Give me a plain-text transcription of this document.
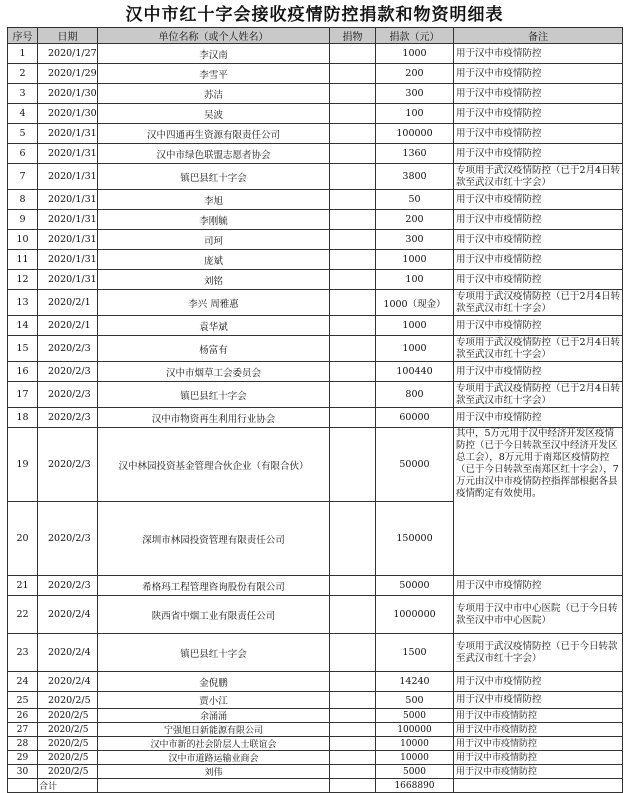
汉中市红十字会接收疫情防控捐款和物资明细表
序号	日期	单位名称（或个人姓名）	捐物	捐款（元）	备注
1	2020/1/27	李汉南		1000	用于汉中市疫情防控
2	2020/1/29	李雪平		200	用于汉中市疫情防控
3	2020/1/30	苏洁		300	用于汉中市疫情防控
4	2020/1/30	吴波		100	用于汉中市疫情防控
5	2020/1/31	汉中四通再生资源有限责任公司		100000	用于汉中市疫情防控
6	2020/1/31	汉中市绿色联盟志愿者协会		1360	用于汉中市疫情防控
7	2020/1/31	镇巴县红十字会		3800	专项用于武汉疫情防控（已于2月4日转款至武汉市红十字会）
8	2020/1/31	李旭		50	用于汉中市疫情防控
9	2020/1/31	李刚毓		200	用于汉中市疫情防控
10	2020/1/31	司珂		300	用于汉中市疫情防控
11	2020/1/31	庞斌		1000	用于汉中市疫情防控
12	2020/1/31	刘铭		100	用于汉中市疫情防控
13	2020/2/1	李兴 周雅惠		1000（现金）	专项用于武汉疫情防控（已于2月4日转款至武汉市红十字会）
14	2020/2/1	袁华斌		1000	用于汉中市疫情防控
15	2020/2/3	杨富有		1000	专项用于武汉疫情防控（已于2月4日转款至武汉市红十字会）
16	2020/2/3	汉中市烟草工会委员会		100440	用于汉中市疫情防控
17	2020/2/3	镇巴县红十字会		800	专项用于武汉疫情防控（已于2月4日转款至武汉市红十字会）
18	2020/2/3	汉中市物资再生利用行业协会		60000	用于汉中市疫情防控
19	2020/2/3	汉中林园投资基金管理合伙企业（有限合伙）		50000	其中，5万元用于汉中经济开发区疫情防控（已于今日转款至汉中经济开发区总工会），8万元用于南郑区疫情防控（已于今日转款至南郑区红十字会），7万元由汉中市疫情防控指挥部根据各县疫情酌定有效使用。
20	2020/2/3	深圳市林园投资管理有限责任公司		150000	
21	2020/2/3	希格玛工程管理咨询股份有限公司		50000	用于汉中市疫情防控
22	2020/2/4	陕西省中烟工业有限责任公司		1000000	专项用于汉中市中心医院（已于今日转款至汉中市中心医院）
23	2020/2/4	镇巴县红十字会		1500	专项用于武汉疫情防控（已于今日转款至武汉市红十字会）
24	2020/2/4	金倪鹏		14240	用于汉中市疫情防控
25	2020/2/5	贾小江		500	用于汉中市疫情防控
26	2020/2/5	余涌涌		5000	用于汉中市疫情防控
27	2020/2/5	宁强旭日新能源有限公司		100000	用于汉中市疫情防控
28	2020/2/5	汉中市新的社会阶层人士联谊会		10000	用于汉中市疫情防控
29	2020/2/5	汉中市道路运输业商会		10000	用于汉中市疫情防控
30	2020/2/5	刘伟		5000	用于汉中市疫情防控
	合计			1668890	
